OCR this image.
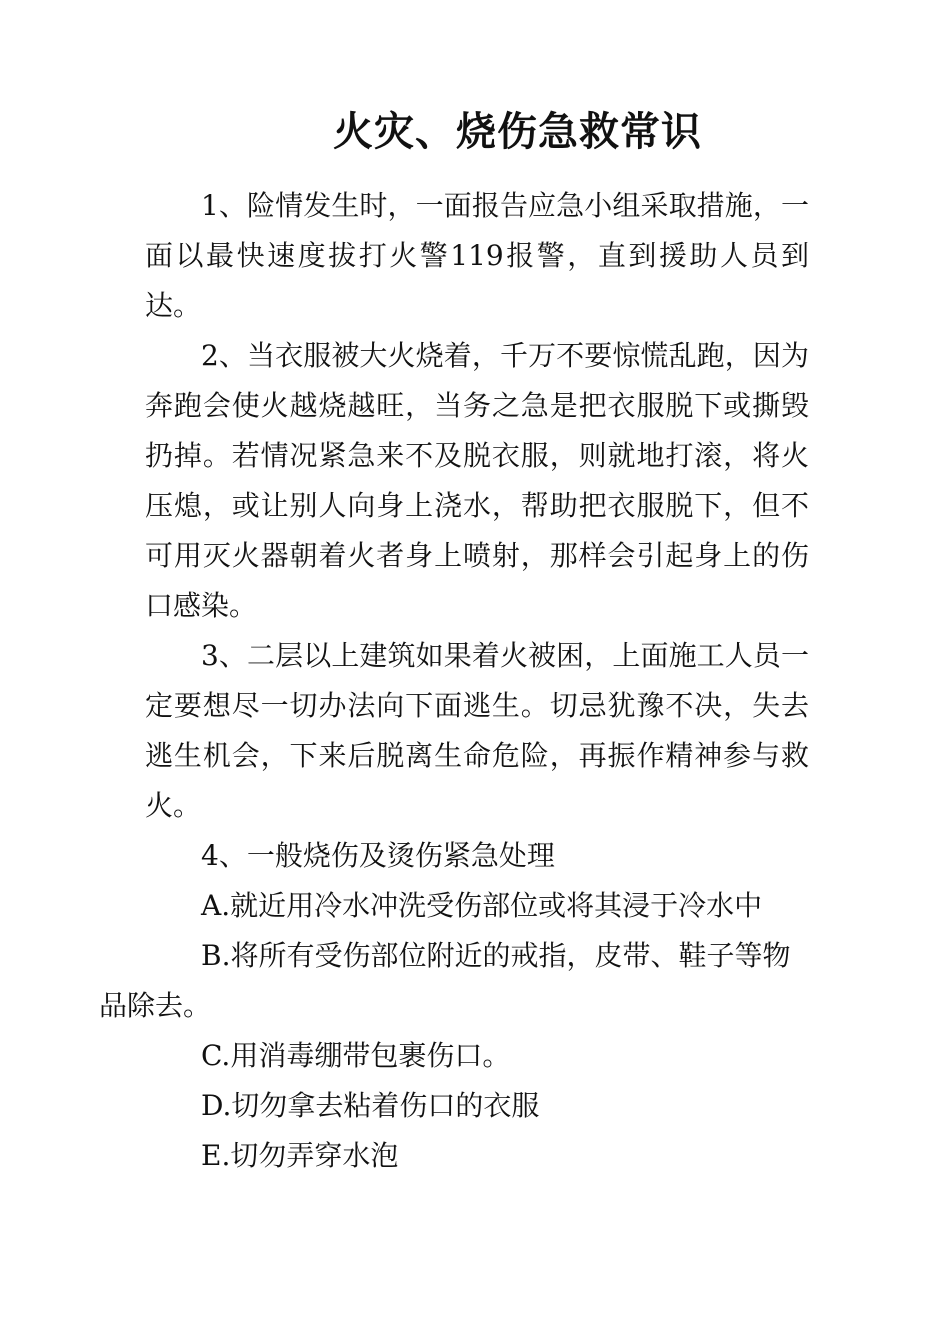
火灾、烧伤急救常识

1、险情发生时，一面报告应急小组采取措施，一面以最快速度拔打火警119报警，直到援助人员到达。

2、当衣服被大火烧着，千万不要惊慌乱跑，因为奔跑会使火越烧越旺，当务之急是把衣服脱下或撕毁扔掉。若情况紧急来不及脱衣服，则就地打滚，将火压熄，或让别人向身上浇水，帮助把衣服脱下，但不可用灭火器朝着火者身上喷射，那样会引起身上的伤口感染。

3、二层以上建筑如果着火被困，上面施工人员一定要想尽一切办法向下面逃生。切忌犹豫不决，失去逃生机会，下来后脱离生命危险，再振作精神参与救火。

4、一般烧伤及烫伤紧急处理

A.就近用冷水冲洗受伤部位或将其浸于冷水中

B.将所有受伤部位附近的戒指，皮带、鞋子等物品除去。

C.用消毒绷带包裹伤口。

D.切勿拿去粘着伤口的衣服

E.切勿弄穿水泡
